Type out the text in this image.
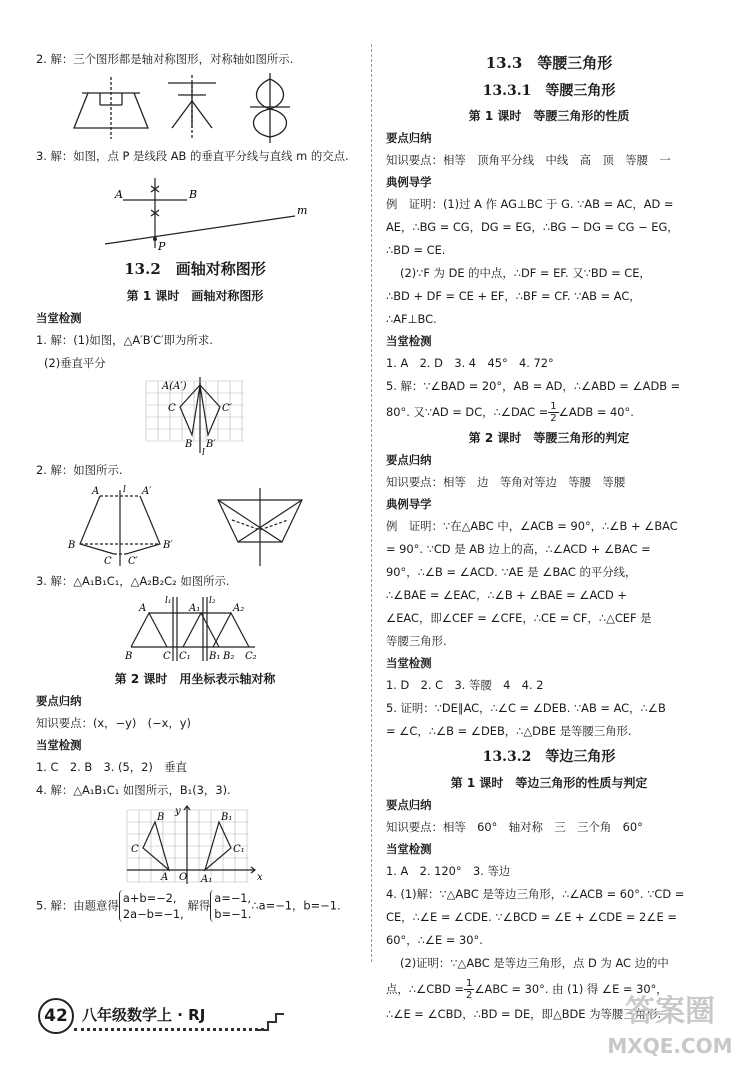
2. 解：三个图形都是轴对称图形，对称轴如图所示.

3. 解：如图，点 P 是线段 AB 的垂直平分线与直线 m 的交点.

A	B
P
m

13.2　画轴对称图形

第 1 课时　画轴对称图形

当堂检测

1. 解：(1)如图，△A′B′C′即为所求.

(2)垂直平分

A(A′)
C	C′
B B′
l

2. 解：如图所示.

A	A′
l
B	B′
C C′

3. 解：△A₁B₁C₁，△A₂B₂C₂ 如图所示.

A	A₁	A₂
l₁	l₂
B	C C₁ B₁ B₂ C₂

第 2 课时　用坐标表示轴对称

要点归纳

知识要点：(x，−y)　(−x，y)

当堂检测

1. C　2. B　3. (5，2)　垂直

4. 解：△A₁B₁C₁ 如图所示，B₁(3，3).

y
x
O
B
C
A
B₁
C₁
A₁
5. 解：由题意得a+b=−2,
2a−b=−1, 解得a=−1,
b=−1.∴a=−1，b=−1.

13.3　等腰三角形

13.3.1　等腰三角形

第 1 课时　等腰三角形的性质

要点归纳

知识要点：相等　顶角平分线　中线　高　顶　等腰　一

典例导学

例　证明：(1)过 A 作 AG⊥BC 于 G. ∵AB = AC，AD =

AE，∴BG = CG，DG = EG，∴BG − DG = CG − EG，

∴BD = CE.

(2)∵F 为 DE 的中点，∴DF = EF. 又∵BD = CE，

∴BD + DF = CE + EF，∴BF = CF. ∵AB = AC，

∴AF⊥BC.

当堂检测

1. A　2. D　3. 4　45°　4. 72°

5. 解：∵∠BAD = 20°，AB = AD，∴∠ABD = ∠ADB =

80°. 又∵AD = DC，∴∠DAC = $\frac{1}{2}$ ∠ADB = 40°.

第 2 课时　等腰三角形的判定

要点归纳

知识要点：相等　边　等角对等边　等腰　等腰

典例导学

例　证明：∵在△ABC 中，∠ACB = 90°，∴∠B + ∠BAC

= 90°. ∵CD 是 AB 边上的高，∴∠ACD + ∠BAC =

90°，∴∠B = ∠ACD. ∵AE 是 ∠BAC 的平分线，

∴∠BAE = ∠EAC，∴∠B + ∠BAE = ∠ACD +

∠EAC，即∠CEF = ∠CFE，∴CE = CF，∴△CEF 是

等腰三角形.

当堂检测

1. D　2. C　3. 等腰　4　4. 2

5. 证明：∵DE∥AC，∴∠C = ∠DEB. ∵AB = AC，∴∠B

= ∠C，∴∠B = ∠DEB，∴△DBE 是等腰三角形.

13.3.2　等边三角形

第 1 课时　等边三角形的性质与判定

要点归纳

知识要点：相等　60°　轴对称　三　三个角　60°

当堂检测

1. A　2. 120°　3. 等边

4. (1)解：∵△ABC 是等边三角形，∴∠ACB = 60°. ∵CD =

CE，∴∠E = ∠CDE. ∵∠BCD = ∠E + ∠CDE = 2∠E =

60°，∴∠E = 30°.

(2)证明：∵△ABC 是等边三角形，点 D 为 AC 边的中

点，∴∠CBD = $\frac{1}{2}$ ∠ABC = 30°. 由 (1) 得 ∠E = 30°，

∴∠E = ∠CBD，∴BD = DE，即△BDE 为等腰三角形.

42 八年级数学上 · RJ	答案圈
MXQE.COM
